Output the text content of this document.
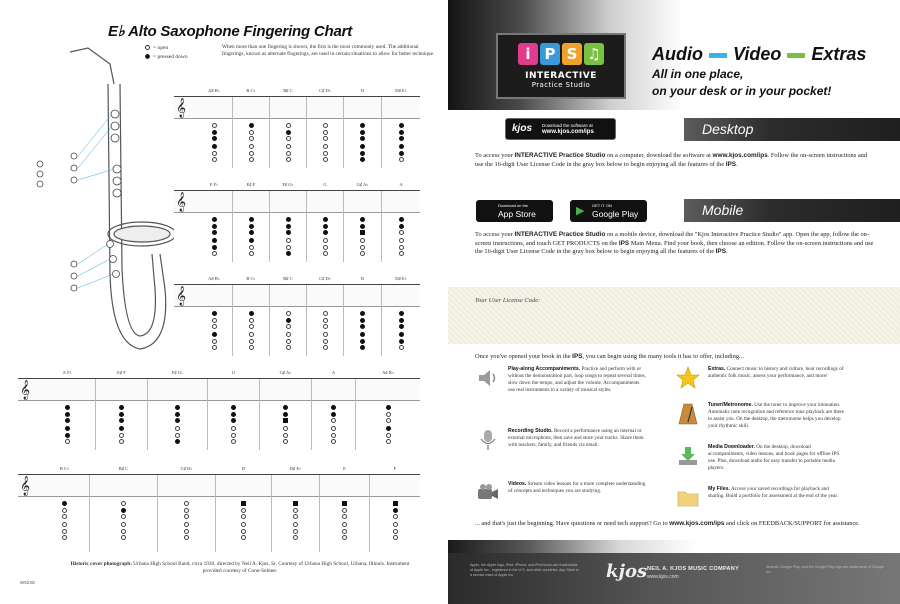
E♭ Alto Saxophone Fingering Chart
= open
= pressed down
When more than one fingering is shown, the first is the most commonly used. The additional fingerings, known as alternate fingerings, are used in certain situations to allow for better technique.
𝄞
A♯ B♭	B C♭	B♯ C	C♯ D♭	D	D♯ E♭
𝄞
E F♭	E♯ F	F♯ G♭	G	G♯ A♭	A
𝄞
A♯ B♭	B C♭	B♯ C	C♯ D♭	D	D♯ E♭
𝄞
E F♭	E♯ F	F♯ G♭	G	G♯ A♭	A	A♯ B♭
𝄞
B C♭	B♯ C	C♯ D♭	D	D♯ E♭	E	F
Historic cover photograph: Urbana High School Band, circa 1930, directed by Neil A. Kjos, Sr. Courtesy of Urbana High School, Urbana, Illinois. Instrument provided courtesy of Conn-Selmer.
W62XE
i P S ♫
INTERACTIVE
Practice Studio
Audio Video Extras
All in one place,
on your desk or in your pocket!
kjos Download the software at
www.kjos.com/ips	Desktop
To access your INTERACTIVE Practice Studio on a computer, download the software at www.kjos.com/ips. Follow the on-screen instructions and use the 16-digit User License Code in the gray box below to begin enjoying all the features of the IPS.
Download on the
App Store	▶ GET IT ON
Google Play	Mobile
To access your INTERACTIVE Practice Studio on a mobile device, download the "Kjos Interactive Practice Studio" app. Open the app, follow the on-screen instructions, and touch GET PRODUCTS on the IPS Main Menu. Find your book, then choose an edition. Follow the on-screen instructions and use the 16-digit User License Code in the gray box below to begin enjoying all the features of the IPS.
Your User License Code:
Once you've opened your book in the IPS, you can begin using the many tools it has to offer, including...
Play-along Accompaniments. Practice and perform with or without the demonstration part, loop songs to repeat several times, slow down the tempo, and adjust the volume. Accompaniments use real instruments in a variety of musical styles.
Extras. Connect music to history and culture, hear recordings of authentic folk music, assess your performance, and more!
Recording Studio. Record a performance using an internal or external microphone, then save and store your tracks. Share them with teachers, family, and friends via email.
Tuner/Metronome. Use the tuner to improve your intonation. Automatic note recognition and reference tone playback are there to assist you. On the desktop, the metronome helps you develop your rhythmic skill.
Videos. Stream video lessons for a more complete understanding of concepts and techniques you are studying.
Media Downloader. On the desktop, download accompaniments, video lessons, and book pages for offline IPS use. Plus, download audio for easy transfer to portable media players.
My Files. Access your saved recordings for playback and sharing. Build a portfolio for assessment at the end of the year.
... and that's just the beginning. Have questions or need tech support? Go to www.kjos.com/ips and click on FEEDBACK/SUPPORT for assistance.
Apple, the Apple logo, iPad, iPhone, and iPod touch are trademarks of Apple Inc., registered in the U.S. and other countries. App Store is a service mark of Apple Inc.	kjos NEIL A. KJOS MUSIC COMPANY
www.kjos.com
Android, Google Play, and the Google Play logo are trademarks of Google Inc.
